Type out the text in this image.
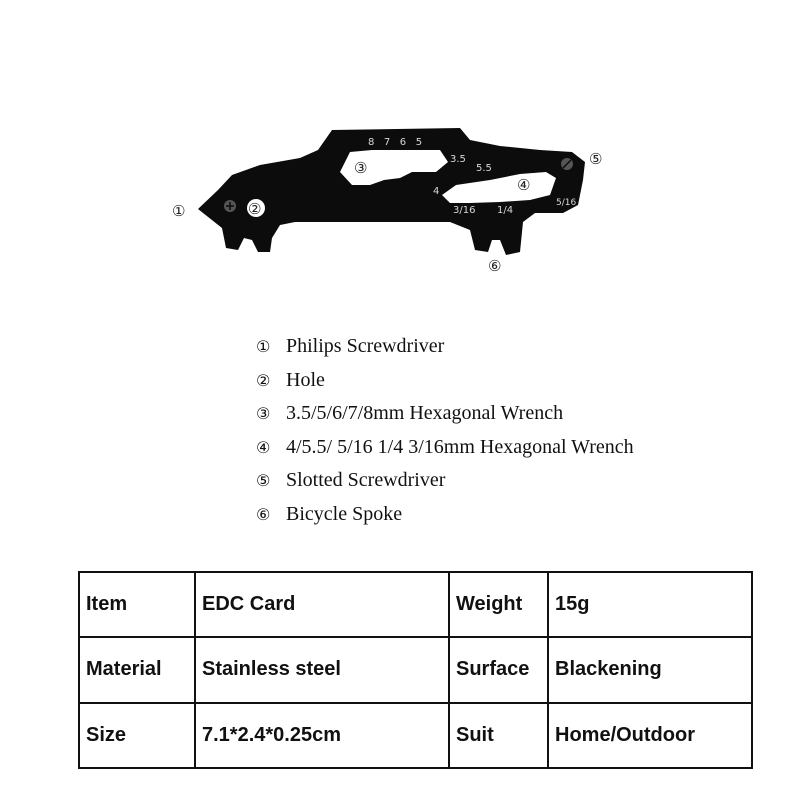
8   7   6   5
3.5
5.5
4
3/16 1/4
5/16
①	②
③
④
⑤
⑥
① Philips Screwdriver
② Hole
③ 3.5/5/6/7/8mm Hexagonal Wrench
④ 4/5.5/ 5/16 1/4 3/16mm Hexagonal Wrench
⑤ Slotted Screwdriver
⑥ Bicycle Spoke
Item	EDC Card	Weight	15g
Material	Stainless steel	Surface	Blackening
Size	7.1*2.4*0.25cm	Suit	Home/Outdoor
